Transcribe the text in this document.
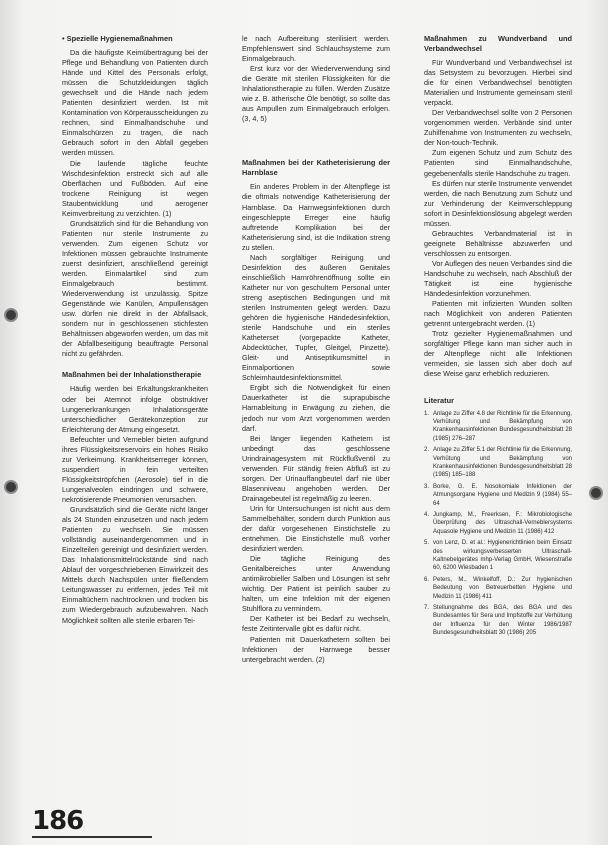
• Spezielle Hygienemaßnahmen

Da die häufigste Keimübertragung bei der Pflege und Behandlung von Patienten durch Hände und Kittel des Personals erfolgt, müssen die Schutzkleidungen täglich gewechselt und die Hände nach jedem Patienten desinfiziert werden. Ist mit Kontamination von Körperausscheidungen zu rechnen, sind Einmalhandschuhe und Einmalschürzen zu tragen, die nach Gebrauch sofort in den Abfall gegeben werden müssen.

Die laufende tägliche feuchte Wischdesinfektion erstreckt sich auf alle Oberflächen und Fußböden. Auf eine trockene Reinigung ist wegen Staubentwicklung und aerogener Keimverbreitung zu verzichten. (1)

Grundsätzlich sind für die Behandlung von Patienten nur sterile Instrumente zu verwenden. Zum eigenen Schutz vor Infektionen müssen gebrauchte Instrumente zuerst desinfiziert, anschließend gereinigt werden. Einmalartikel sind zum Einmalgebrauch bestimmt. Wiederverwendung ist unzulässig. Spitze Gegenstände wie Kanülen, Ampullensägen usw. dürfen nie direkt in der Abfallsack, sondern nur in geschlossenen stichfesten Behältnissen abgeworfen werden, um das mit der Abfallbeseitigung beauftragte Personal nicht zu gefährden.

Maßnahmen bei der Inhalationstherapie

Häufig werden bei Erkältungskrankheiten oder bei Atemnot infolge obstruktiver Lungenerkrankungen Inhalationsgeräte unterschiedlicher Gerätekonzeption zur Erleichterung der Atmung eingesetzt.

Befeuchter und Vernebler bieten aufgrund ihres Flüssigkeitsreservoirs ein hohes Risiko zur Verkeimung. Krankheitserreger können, suspendiert in fein verteilten Flüssigkeitströpfchen (Aerosole) tief in die Lungenalveolen eindringen und schwere, nekrotisierende Pneumonien verursachen.

Grundsätzlich sind die Geräte nicht länger als 24 Stunden einzusetzen und nach jedem Patienten zu wechseln. Sie müssen vollständig auseinandergenommen und in Einzelteilen gereinigt und desinfiziert werden. Das Inhalationsmittelrückstände sind nach Ablauf der vorgeschriebenen Einwirkzeit des Mittels durch Nachspülen unter fließendem Leitungswasser zu entfernen, jedes Teil mit Einmaltüchern nachtrocknen und trocken bis zum Wiedergebrauch aufzubewahren. Nach Möglichkeit sollten alle sterile erbaren Tei-

le nach Aufbereitung sterilisiert werden. Empfehlenswert sind Schlauchsysteme zum Einmalgebrauch.

Erst kurz vor der Wiederverwendung sind die Geräte mit sterilen Flüssigkeiten für die Inhalationstherapie zu füllen. Werden Zusätze wie z. B. ätherische Öle benötigt, so sollte das aus Ampullen zum Einmalgebrauch erfolgen. (3, 4, 5)

Maßnahmen bei der Katheterisierung der Harnblase

Ein anderes Problem in der Altenpflege ist die oftmals notwendige Katheterisierung der Harnblase. Da Harnwegsinfektionen durch eingeschleppte Erreger eine häufig auftretende Komplikation bei der Katheterisierung sind, ist die Indikation streng zu stellen.

Nach sorgfältiger Reinigung und Desinfektion des äußeren Genitales einschließlich Harnröhrenöffnung sollte ein Katheter nur von geschultem Personal unter streng aseptischen Bedingungen und mit sterilen Instrumenten gelegt werden. Dazu gehören die hygienische Händedesinfektion, sterile Handschuhe und ein steriles Katheterset (vorgepackte Katheter, Abdecktücher, Tupfer, Gleitgel, Pinzette). Gleit- und Antiseptikumsmittel in Einmalportionen sowie Schleimhautdesinfektionsmittel.

Ergibt sich die Notwendigkeit für einen Dauerkatheter ist die suprapubische Harnableitung in Erwägung zu ziehen, die jedoch nur vom Arzt vorgenommen werden darf.

Bei länger liegenden Kathetern ist unbedingt das geschlossene Urindrainagesystem mit Rückflußventil zu verwenden. Für ständig freien Abfluß ist zu sorgen. Der Urinauffangbeutel darf nie über Blasenniveau angehoben werden. Der Drainagebeutel ist regelmäßig zu leeren.

Urin für Untersuchungen ist nicht aus dem Sammelbehälter, sondern durch Punktion aus der dafür vorgesehenen Einstichstelle zu entnehmen. Die Einstichstelle muß vorher desinfiziert werden.

Die tägliche Reinigung des Genitalbereiches unter Anwendung antimikrobieller Salben und Lösungen ist sehr wichtig. Der Patient ist peinlich sauber zu halten, um eine Infektion mit der eigenen Stuhlflora zu vermindern.

Der Katheter ist bei Bedarf zu wechseln, feste Zeitintervalle gibt es dafür nicht.

Patienten mit Dauerkathetern sollten bei Infektionen der Harnwege besser untergebracht werden. (2)

Maßnahmen zu Wundverband und Verbandwechsel

Für Wundverband und Verbandwechsel ist das Setsystem zu bevorzugen. Hierbei sind die für einen Verbandwechsel benötigten Materialien und Instrumente gemeinsam steril verpackt.

Der Verbandwechsel sollte von 2 Personen vorgenommen werden. Verbände sind unter Zuhilfenahme von Instrumenten zu wechseln, der Non-touch-Technik.

Zum eigenen Schutz und zum Schutz des Patienten sind Einmalhandschuhe, gegebenenfalls sterile Handschuhe zu tragen.

Es dürfen nur sterile Instrumente verwendet werden, die nach Benutzung zum Schutz und zur Verhinderung der Keimverschleppung sofort in Desinfektionslösung abgelegt werden müssen.

Gebrauchtes Verbandmaterial ist in geeignete Behältnisse abzuwerfen und verschlossen zu entsorgen.

Vor Auflegen des neuen Verbandes sind die Handschuhe zu wechseln, nach Abschluß der Tätigkeit ist eine hygienische Händedesinfektion vorzunehmen.

Patienten mit infizierten Wunden sollten nach Möglichkeit von anderen Patienten getrennt untergebracht werden. (1)

Trotz gezielter Hygienemaßnahmen und sorgfältiger Pflege kann man sicher auch in der Altenpflege nicht alle Infektionen vermeiden, sie lassen sich aber doch auf diese Weise ganz erheblich reduzieren.

Literatur
1. Anlage zu Ziffer 4.8 der Richtlinie für die Erkennung, Verhütung und Bekämpfung von Krankenhausinfektionen Bundesgesundheitsblatt 28 (1985) 276–287
2. Anlage zu Ziffer 5.1 der Richtlinie für die Erkennung, Verhütung und Bekämpfung von Krankenhausinfektionen Bundesgesundheitsblatt 28 (1985) 185–188
3. Borke, G. E. Nosokomiale Infektionen der Atmungsorgane Hygiene und Medizin 9 (1984) 55–64
4. Jungkamp, M., Freerksen, F.: Mikrobiologische Überprüfung des Ultraschall-Verneblersystems Aquasole Hygiene und Medizin 11 (1986) 412
5. von Lenz, D. et al.: Hygienerichtlinien beim Einsatz des wirkungsverbesserten Ultraschall-Kaltnebelgerätes mhp-Verlag GmbH, Wiesenstraße 60, 6200 Wiesbaden 1
6. Peters, M., Winkelfoff, D.: Zur hygienischen Bedeutung von Betreuerbetten Hygiene und Medizin 11 (1986) 411
7. Stellungnahme des BGA, des BGA und des Bundesamtes für Sera und Impfstoffe zur Verhütung der Influenza für den Winter 1986/1987 Bundesgesundheitsblatt 30 (1986) 205
186
